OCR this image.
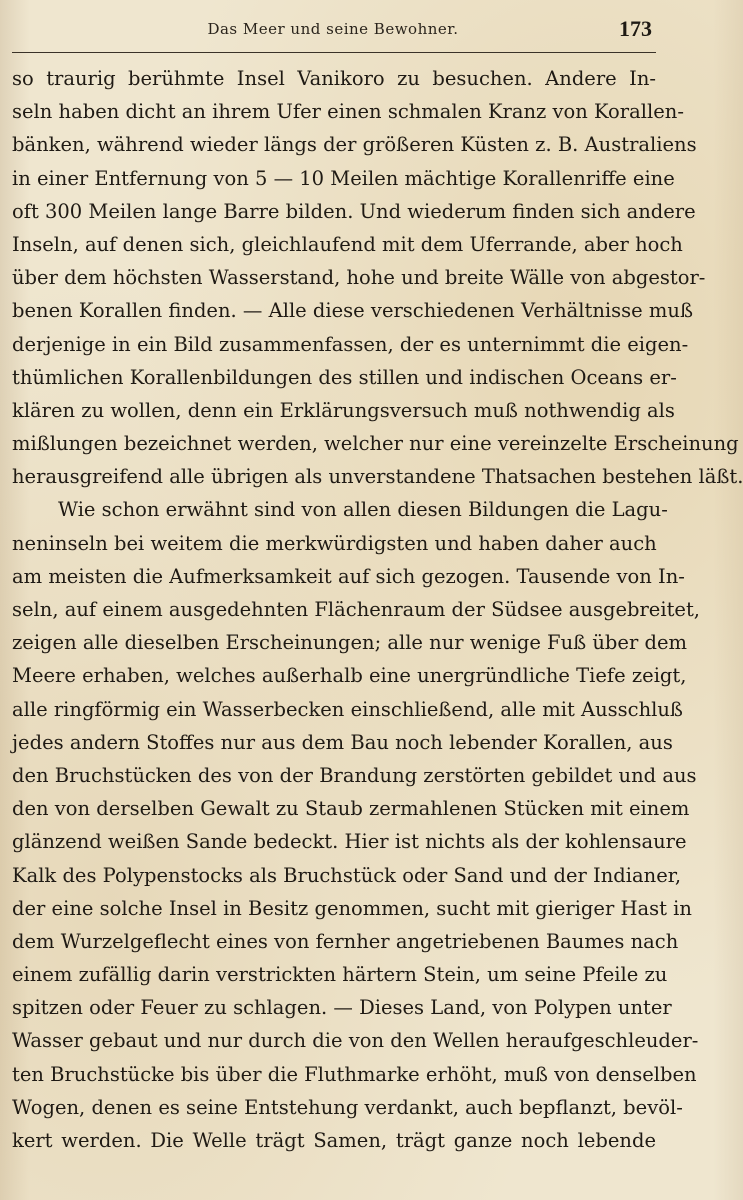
Das Meer und seine Bewohner.	173
so traurig berühmte Insel Vanikoro zu besuchen. Andere In-
seln haben dicht an ihrem Ufer einen schmalen Kranz von Korallen-
bänken, während wieder längs der größeren Küsten z. B. Australiens
in einer Entfernung von 5 — 10 Meilen mächtige Korallenriffe eine
oft 300 Meilen lange Barre bilden. Und wiederum finden sich andere
Inseln, auf denen sich, gleichlaufend mit dem Uferrande, aber hoch
über dem höchsten Wasserstand, hohe und breite Wälle von abgestor-
benen Korallen finden. — Alle diese verschiedenen Verhältnisse muß
derjenige in ein Bild zusammenfassen, der es unternimmt die eigen-
thümlichen Korallenbildungen des stillen und indischen Oceans er-
klären zu wollen, denn ein Erklärungsversuch muß nothwendig als
mißlungen bezeichnet werden, welcher nur eine vereinzelte Erscheinung
herausgreifend alle übrigen als unverstandene Thatsachen bestehen läßt.
Wie schon erwähnt sind von allen diesen Bildungen die Lagu-
neninseln bei weitem die merkwürdigsten und haben daher auch
am meisten die Aufmerksamkeit auf sich gezogen. Tausende von In-
seln, auf einem ausgedehnten Flächenraum der Südsee ausgebreitet,
zeigen alle dieselben Erscheinungen; alle nur wenige Fuß über dem
Meere erhaben, welches außerhalb eine unergründliche Tiefe zeigt,
alle ringförmig ein Wasserbecken einschließend, alle mit Ausschluß
jedes andern Stoffes nur aus dem Bau noch lebender Korallen, aus
den Bruchstücken des von der Brandung zerstörten gebildet und aus
den von derselben Gewalt zu Staub zermahlenen Stücken mit einem
glänzend weißen Sande bedeckt. Hier ist nichts als der kohlensaure
Kalk des Polypenstocks als Bruchstück oder Sand und der Indianer,
der eine solche Insel in Besitz genommen, sucht mit gieriger Hast in
dem Wurzelgeflecht eines von fernher angetriebenen Baumes nach
einem zufällig darin verstrickten härtern Stein, um seine Pfeile zu
spitzen oder Feuer zu schlagen. — Dieses Land, von Polypen unter
Wasser gebaut und nur durch die von den Wellen heraufgeschleuder-
ten Bruchstücke bis über die Fluthmarke erhöht, muß von denselben
Wogen, denen es seine Entstehung verdankt, auch bepflanzt, bevöl-
kert werden. Die Welle trägt Samen, trägt ganze noch lebende
